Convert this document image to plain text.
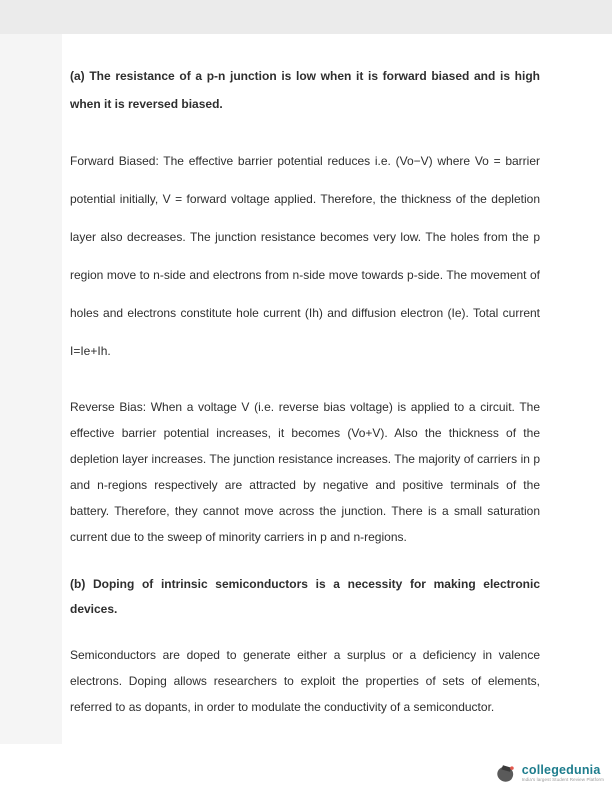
(a) The resistance of a p-n junction is low when it is forward biased and is high when it is reversed biased.

Forward Biased: The effective barrier potential reduces i.e. (Vo−V) where Vo = barrier potential initially, V = forward voltage applied. Therefore, the thickness of the depletion layer also decreases. The junction resistance becomes very low. The holes from the p region move to n-side and electrons from n-side move towards p-side. The movement of holes and electrons constitute hole current (Ih) and diffusion electron (Ie). Total current I=Ie+Ih.

Reverse Bias: When a voltage V (i.e. reverse bias voltage) is applied to a circuit. The effective barrier potential increases, it becomes (Vo+V). Also the thickness of the depletion layer increases. The junction resistance increases. The majority of carriers in p and n-regions respectively are attracted by negative and positive terminals of the battery. Therefore, they cannot move across the junction. There is a small saturation current due to the sweep of minority carriers in p and n-regions.

(b) Doping of intrinsic semiconductors is a necessity for making electronic devices.

Semiconductors are doped to generate either a surplus or a deficiency in valence electrons. Doping allows researchers to exploit the properties of sets of elements, referred to as dopants, in order to modulate the conductivity of a semiconductor.

collegedunia
India's largest Student Review Platform
